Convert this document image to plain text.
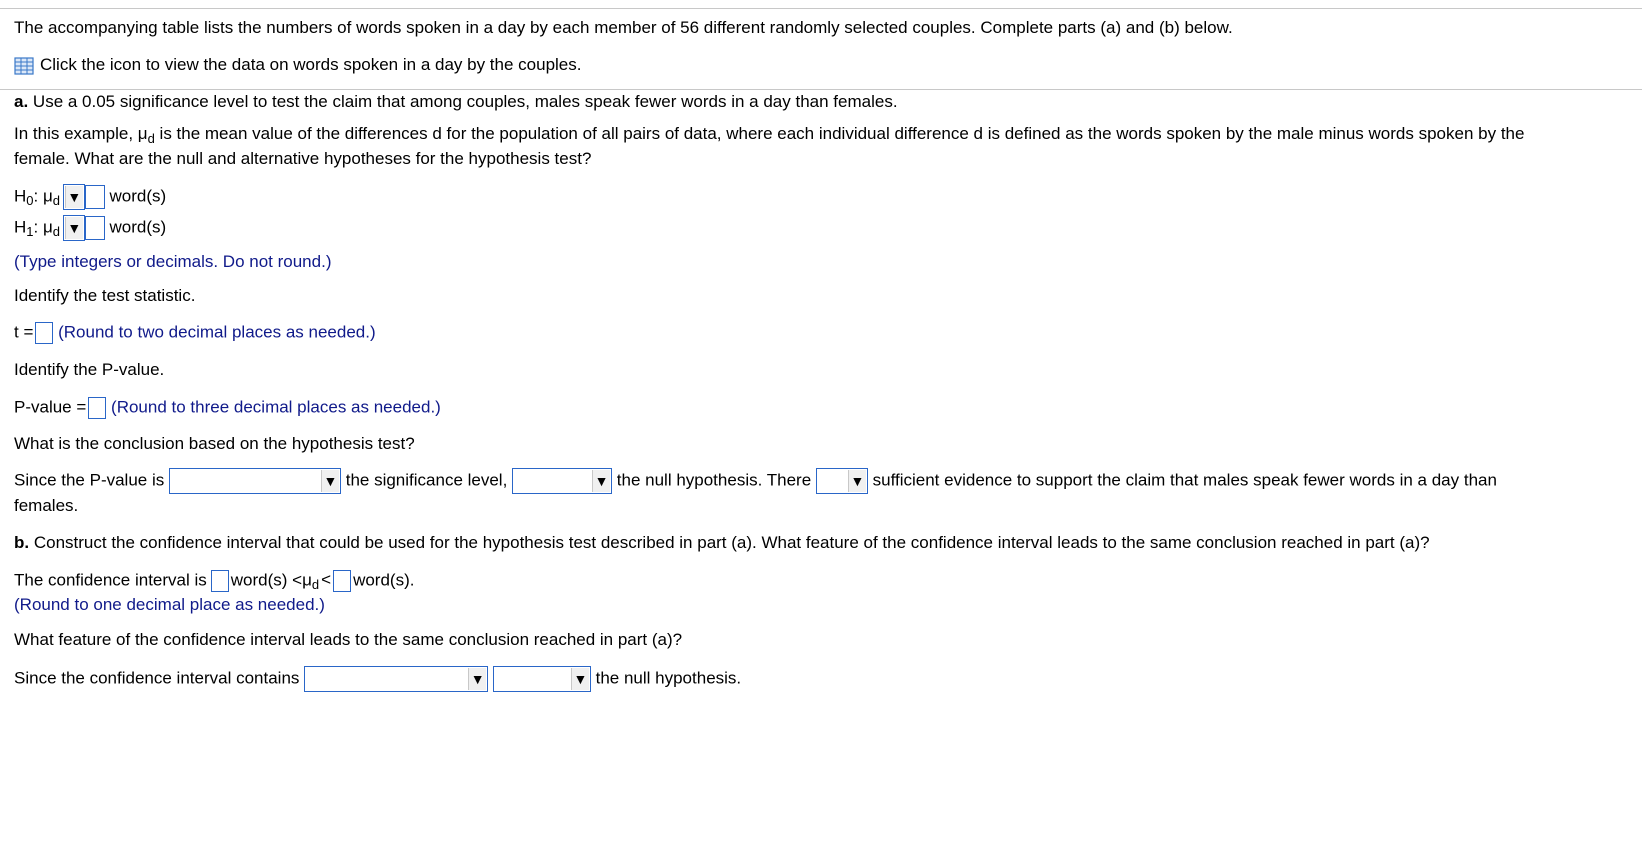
The accompanying table lists the numbers of words spoken in a day by each member of 56 different randomly selected couples. Complete parts (a) and (b) below.
Click the icon to view the data on words spoken in a day by the couples.
a. Use a 0.05 significance level to test the claim that among couples, males speak fewer words in a day than females.
In this example, $\mu_d$ is the mean value of the differences d for the population of all pairs of data, where each individual difference d is defined as the words spoken by the male minus words spoken by the
female. What are the null and alternative hypotheses for the hypothesis test?
$H_0$: $\mu_d$ ▼ word(s)
$H_1$: $\mu_d$ ▼ word(s)
(Type integers or decimals. Do not round.)
Identify the test statistic.
t = (Round to two decimal places as needed.)
Identify the P-value.
P-value = (Round to three decimal places as needed.)
What is the conclusion based on the hypothesis test?
Since the P-value is	▼ the significance level,	▼ the null hypothesis. There	▼ sufficient evidence to support the claim that males speak fewer words in a day than
females.
b. Construct the confidence interval that could be used for the hypothesis test described in part (a). What feature of the confidence interval leads to the same conclusion reached in part (a)?
The confidence interval is word(s) $<\mu_d$ < word(s).
(Round to one decimal place as needed.)
What feature of the confidence interval leads to the same conclusion reached in part (a)?
Since the confidence interval contains	▼
	▼ the null hypothesis.
